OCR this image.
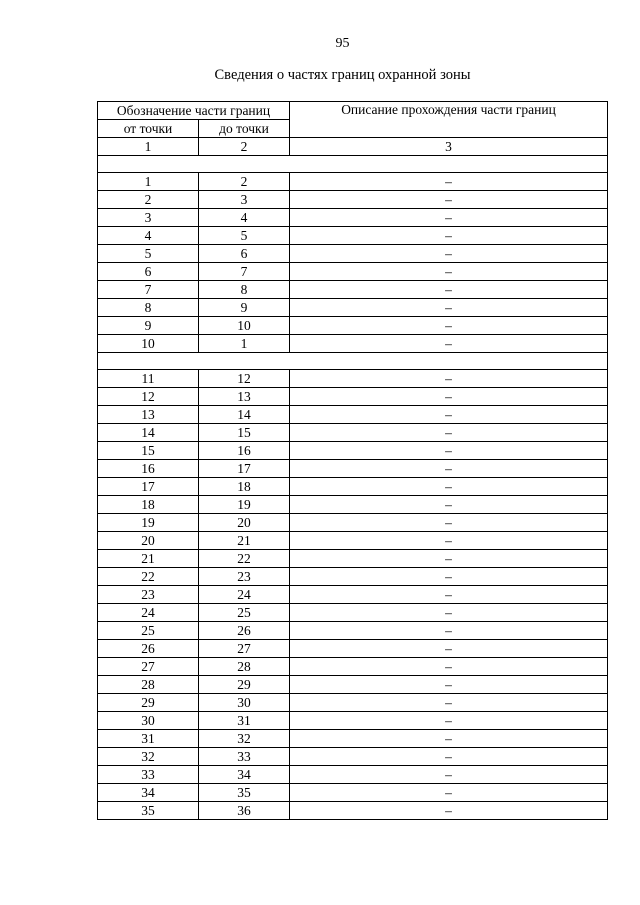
95
Сведения о частях границ охранной зоны
Обозначение части границ		Описание прохождения части границ
от точки	до точки	
1	2	3

1	2	–
2	3	–
3	4	–
4	5	–
5	6	–
6	7	–
7	8	–
8	9	–
9	10	–
10	1	–

11	12	–
12	13	–
13	14	–
14	15	–
15	16	–
16	17	–
17	18	–
18	19	–
19	20	–
20	21	–
21	22	–
22	23	–
23	24	–
24	25	–
25	26	–
26	27	–
27	28	–
28	29	–
29	30	–
30	31	–
31	32	–
32	33	–
33	34	–
34	35	–
35	36	–
